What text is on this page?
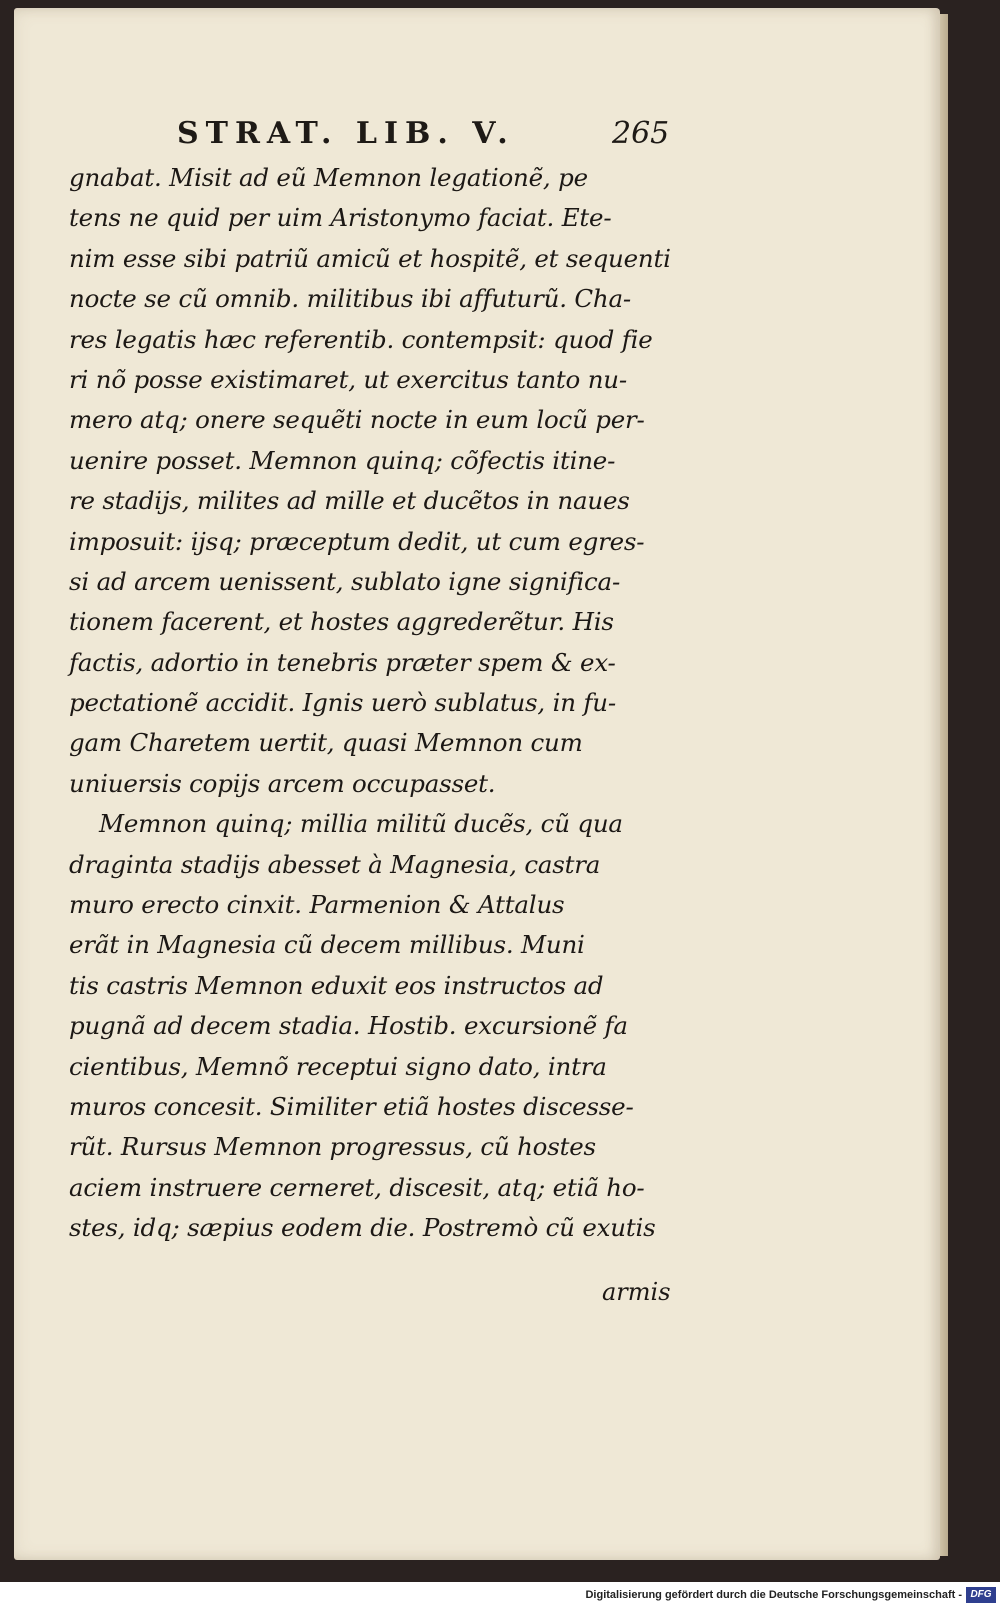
STRAT. LIB. V.	265
gnabat. Misit ad eũ Memnon legationẽ, pe
tens ne quid per uim Aristonymo faciat. Ete-
nim esse sibi patriũ amicũ et hospitẽ, et sequenti
nocte se cũ omnib. militibus ibi affuturũ. Cha-
res legatis hæc referentib. contempsit: quod fie
ri nõ posse existimaret, ut exercitus tanto nu-
mero atq; onere sequẽti nocte in eum locũ per-
uenire posset. Memnon quinq; cõfectis itine-
re stadijs, milites ad mille et ducẽtos in naues
imposuit: ijsq; præceptum dedit, ut cum egres-
si ad arcem uenissent, sublato igne significa-
tionem facerent, et hostes aggrederẽtur. His
factis, adortio in tenebris præter spem & ex-
pectationẽ accidit. Ignis uerò sublatus, in fu-
gam Charetem uertit, quasi Memnon cum
uniuersis copijs arcem occupasset.
Memnon quinq; millia militũ ducẽs, cũ qua
draginta stadijs abesset à Magnesia, castra
muro erecto cinxit. Parmenion & Attalus
erãt in Magnesia cũ decem millibus. Muni
tis castris Memnon eduxit eos instructos ad
pugnã ad decem stadia. Hostib. excursionẽ fa
cientibus, Memnõ receptui signo dato, intra
muros concesit. Similiter etiã hostes discesse-
rũt. Rursus Memnon progressus, cũ hostes
aciem instruere cerneret, discesit, atq; etiã ho-
stes, idq; sæpius eodem die. Postremò cũ exutis
armis
Digitalisierung gefördert durch die Deutsche Forschungsgemeinschaft - DFG
